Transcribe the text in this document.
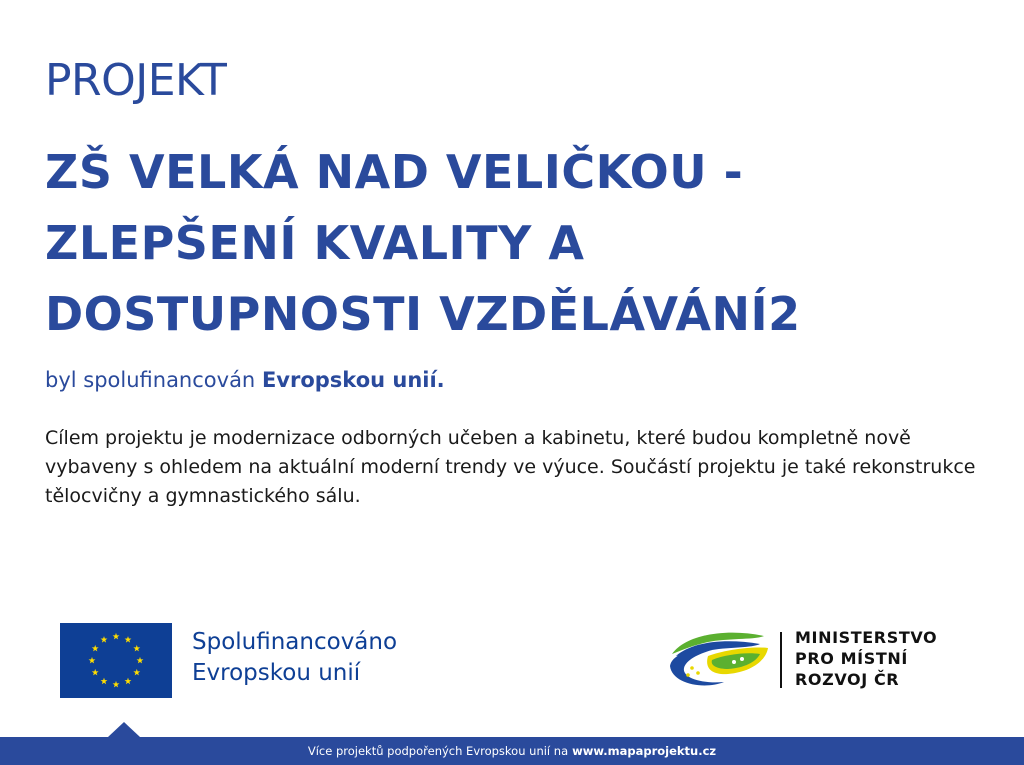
PROJEKT
ZŠ VELKÁ NAD VELIČKOU -
ZLEPŠENÍ KVALITY A
DOSTUPNOSTI VZDĚLÁVÁNÍ2
byl spolufinancován Evropskou unií.
Cílem projektu je modernizace odborných učeben a kabinetu, které budou kompletně nově vybaveny s ohledem na aktuální moderní trendy ve výuce. Součástí projektu je také rekonstrukce tělocvičny a gymnastického sálu.
Spolufinancováno
Evropskou unií
MINISTERSTVO
PRO MÍSTNÍ
ROZVOJ ČR
Více projektů podpořených Evropskou unií na www.mapaprojektu.cz
